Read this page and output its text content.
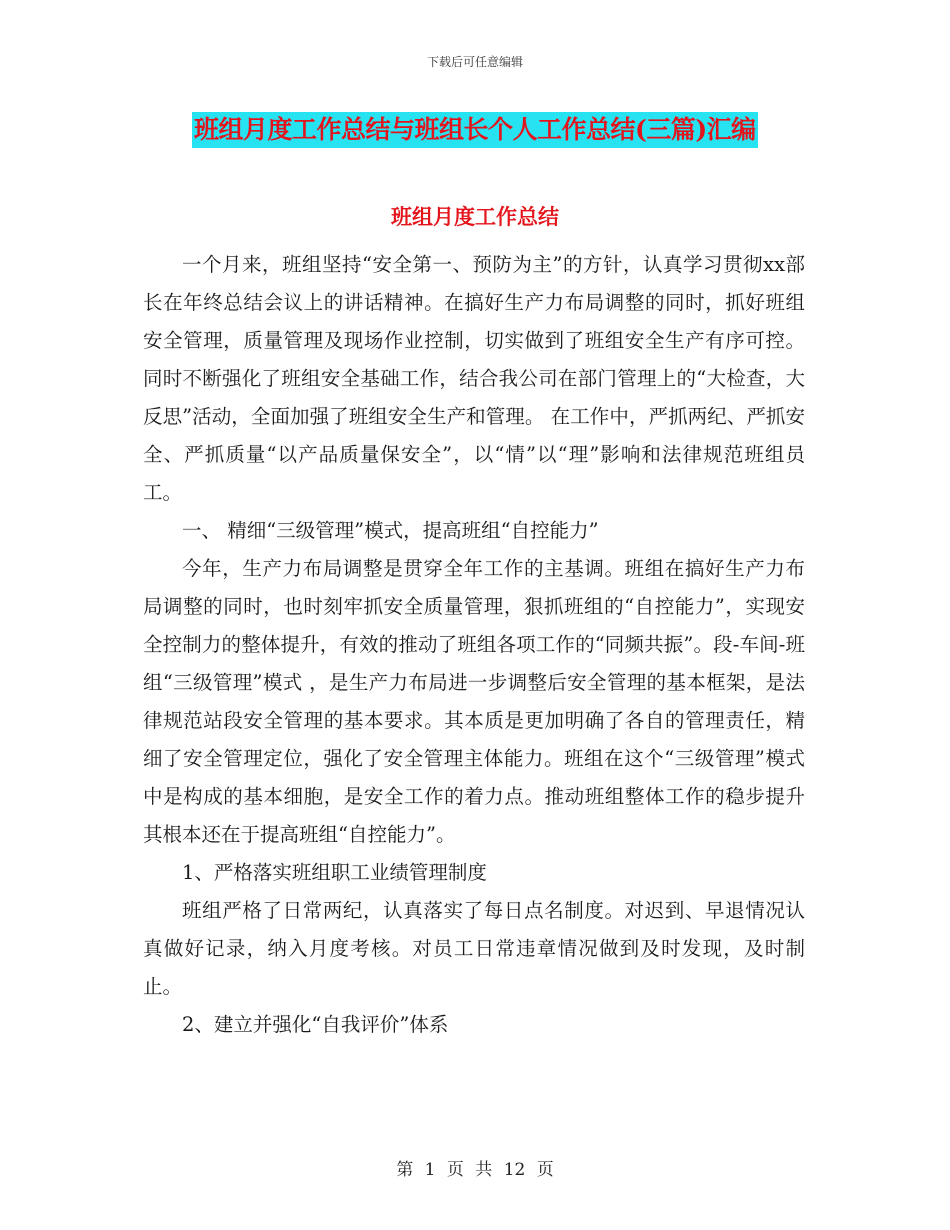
下载后可任意编辑
班组月度工作总结与班组长个人工作总结(三篇)汇编
班组月度工作总结

一个月来，班组坚持“安全第一、预防为主”的方针，认真学习贯彻xx部长在年终总结会议上的讲话精神。在搞好生产力布局调整的同时，抓好班组安全管理，质量管理及现场作业控制，切实做到了班组安全生产有序可控。同时不断强化了班组安全基础工作，结合我公司在部门管理上的“大检查，大反思”活动，全面加强了班组安全生产和管理。 在工作中，严抓两纪、严抓安全、严抓质量“以产品质量保安全”，以“情”以“理”影响和法律规范班组员工。

一、 精细“三级管理”模式，提高班组“自控能力”

今年，生产力布局调整是贯穿全年工作的主基调。班组在搞好生产力布局调整的同时，也时刻牢抓安全质量管理，狠抓班组的“自控能力”，实现安全控制力的整体提升，有效的推动了班组各项工作的“同频共振”。段-车间-班组“三级管理”模式 ，是生产力布局进一步调整后安全管理的基本框架，是法律规范站段安全管理的基本要求。其本质是更加明确了各自的管理责任，精细了安全管理定位，强化了安全管理主体能力。班组在这个“三级管理”模式中是构成的基本细胞，是安全工作的着力点。推动班组整体工作的稳步提升其根本还在于提高班组“自控能力”。

1、严格落实班组职工业绩管理制度

班组严格了日常两纪，认真落实了每日点名制度。对迟到、早退情况认真做好记录，纳入月度考核。对员工日常违章情况做到及时发现，及时制止。

2、建立并强化“自我评价”体系

第 1 页 共 12 页
